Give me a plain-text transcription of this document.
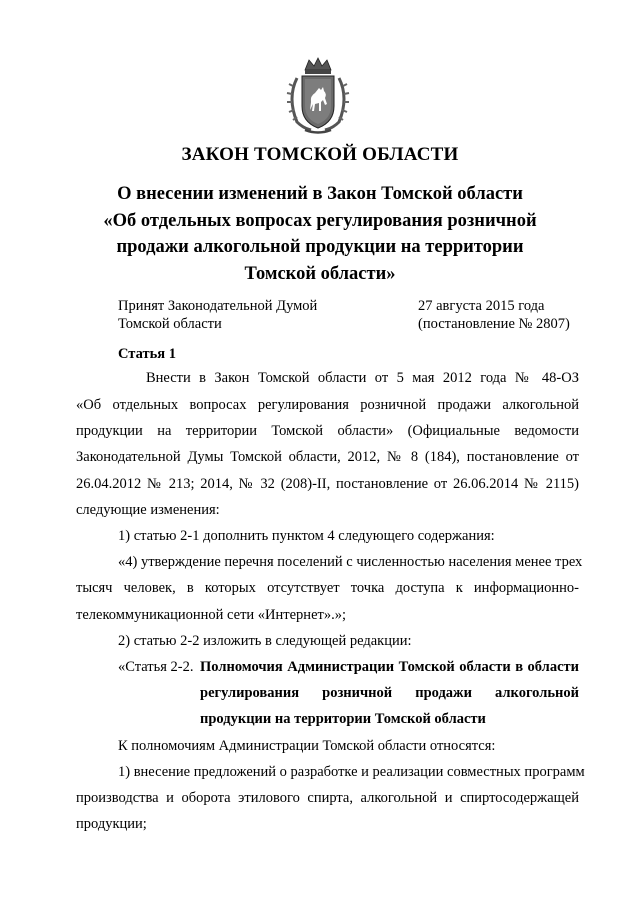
ЗАКОН ТОМСКОЙ ОБЛАСТИ
О внесении изменений в Закон Томской области
«Об отдельных вопросах регулирования розничной
продажи алкогольной продукции на территории
Томской области»
Принят Законодательной Думой
Томской области
27 августа 2015 года
(постановление № 2807)
Статья 1
Внести в Закон Томской области от 5 мая 2012 года № 48-ОЗ
«Об отдельных вопросах регулирования розничной продажи алкогольной
продукции на территории Томской области» (Официальные ведомости
Законодательной Думы Томской области, 2012, № 8 (184), постановление от
26.04.2012 № 213; 2014, № 32 (208)-II, постановление от 26.06.2014 № 2115)
следующие изменения:
1) статью 2-1 дополнить пунктом 4 следующего содержания:
«4) утверждение перечня поселений с численностью населения менее трех
тысяч человек, в которых отсутствует точка доступа к информационно-
телекоммуникационной сети «Интернет».»;
2) статью 2-2 изложить в следующей редакции:
«Статья 2-2. Полномочия Администрации Томской области в области
регулирования розничной продажи алкогольной
продукции на территории Томской области
К полномочиям Администрации Томской области относятся:
1) внесение предложений о разработке и реализации совместных программ
производства и оборота этилового спирта, алкогольной и спиртосодержащей
продукции;
